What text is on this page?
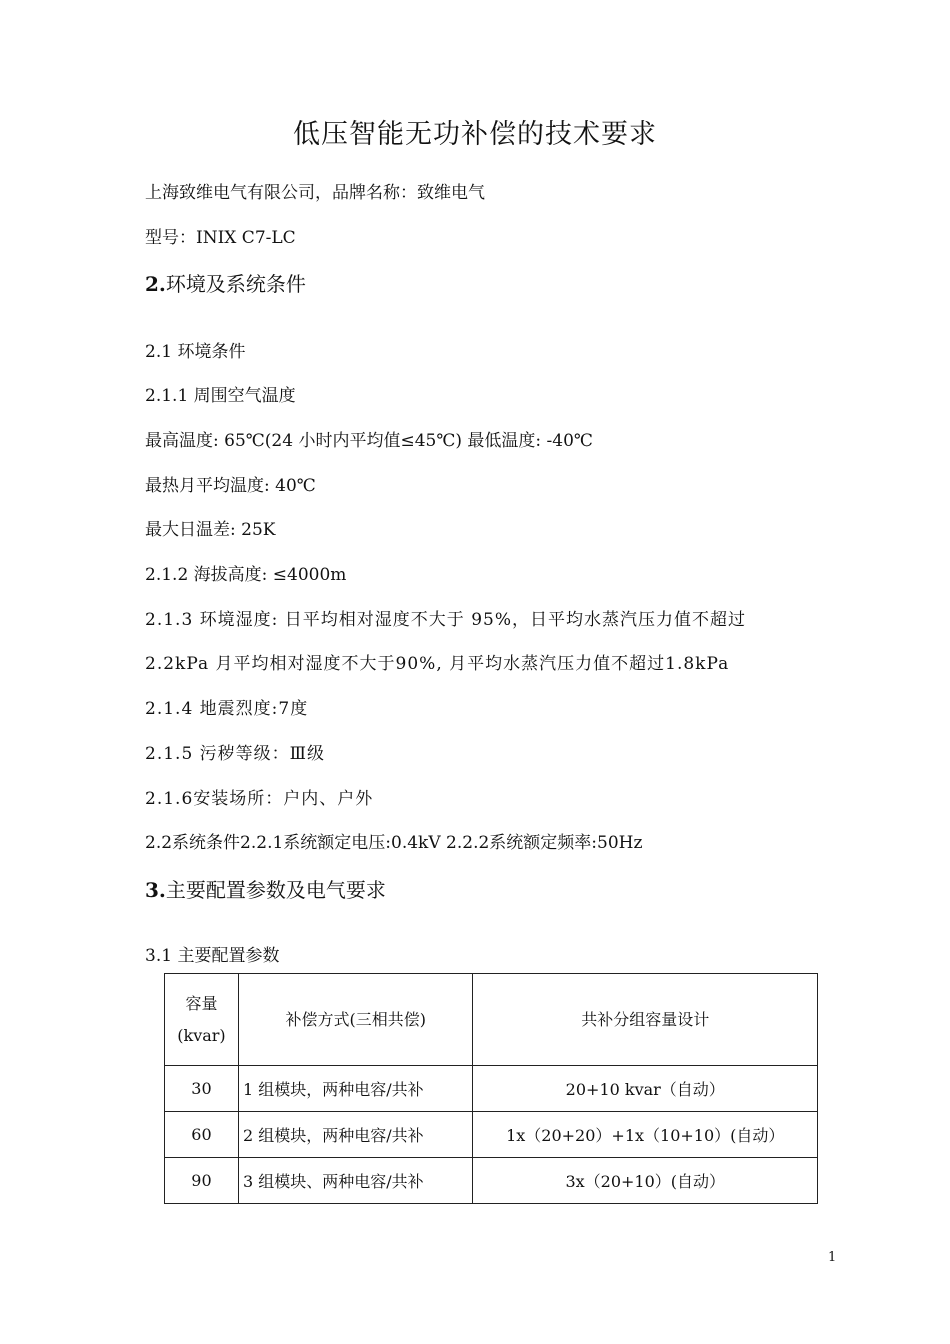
低压智能无功补偿的技术要求
上海致维电气有限公司，品牌名称：致维电气
型号：INIX C7-LC
2.环境及系统条件
2.1 环境条件
2.1.1 周围空气温度
最高温度: 65℃(24 小时内平均值≤45℃) 最低温度: -40℃
最热月平均温度: 40℃
最大日温差: 25K
2.1.2 海拔高度: ≤4000m
2.1.3 环境湿度: 日平均相对湿度不大于 95%，日平均水蒸汽压力值不超过
2.2kPa 月平均相对湿度不大于90%, 月平均水蒸汽压力值不超过1.8kPa
2.1.4 地震烈度:7度
2.1.5 污秽等级：Ⅲ级
2.1.6安装场所：户内、户外
2.2系统条件2.2.1系统额定电压:0.4kV 2.2.2系统额定频率:50Hz
3.主要配置参数及电气要求
3.1 主要配置参数
容量
(kvar)	补偿方式(三相共偿)	共补分组容量设计
30	1 组模块，两种电容/共补	20+10 kvar（自动）
60	2 组模块，两种电容/共补	1x（20+20）+1x（10+10）(自动）
90	3 组模块、两种电容/共补	3x（20+10）(自动）
1
